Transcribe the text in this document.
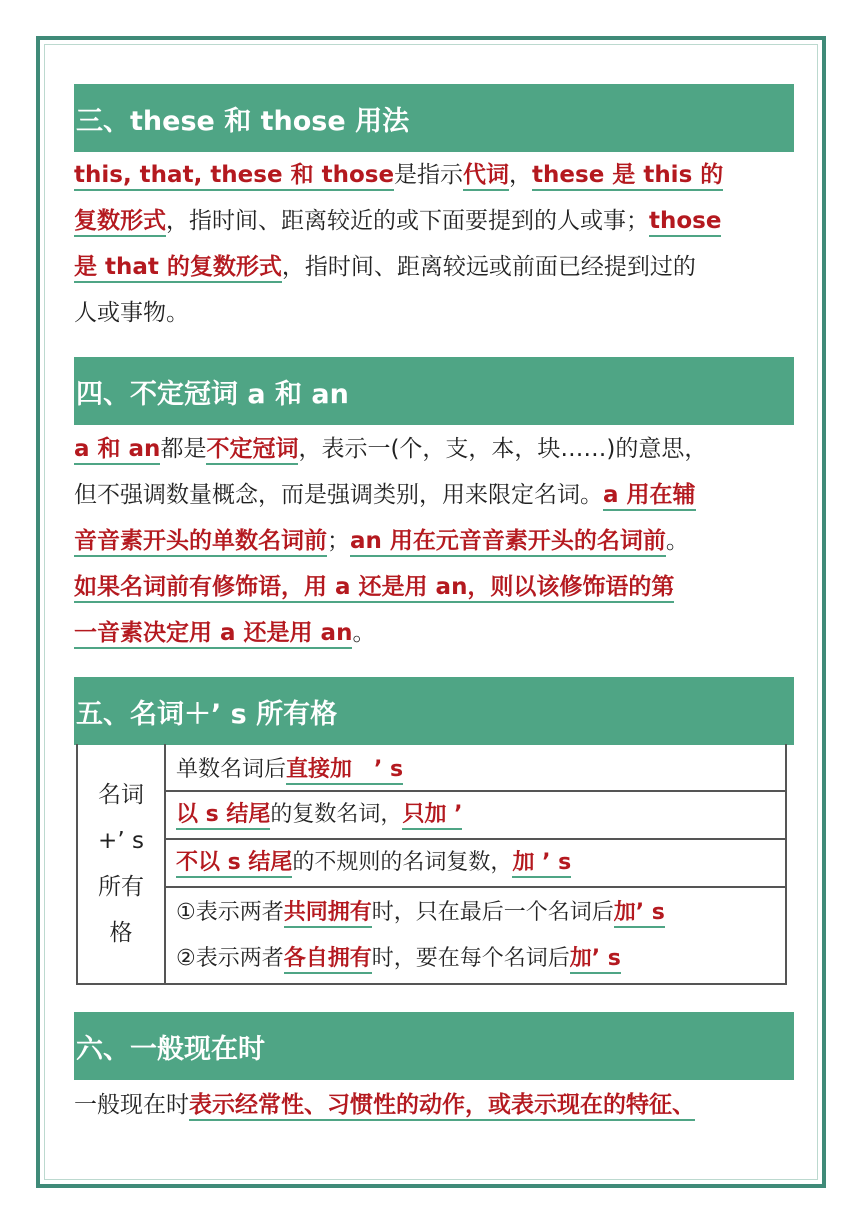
三、these 和 those 用法
this, that, these 和 those是指示代词，these 是 this 的
复数形式，指时间、距离较近的或下面要提到的人或事；those
是 that 的复数形式，指时间、距离较远或前面已经提到过的
人或事物。
四、不定冠词 a 和 an
a 和 an都是不定冠词，表示一(个，支，本，块……)的意思，
但不强调数量概念，而是强调类别，用来限定名词。a 用在辅
音音素开头的单数名词前；an 用在元音音素开头的名词前。
如果名词前有修饰语，用 a 还是用 an，则以该修饰语的第
一音素决定用 a 还是用 an。
五、名词＋’ s 所有格
名词
+’ s
所有
格
单数名词后直接加　’ s
以 s 结尾的复数名词，只加 ’
不以 s 结尾的不规则的名词复数，加 ’ s
①表示两者共同拥有时，只在最后一个名词后加’ s
②表示两者各自拥有时，要在每个名词后加’ s
六、一般现在时
一般现在时表示经常性、习惯性的动作，或表示现在的特征、
